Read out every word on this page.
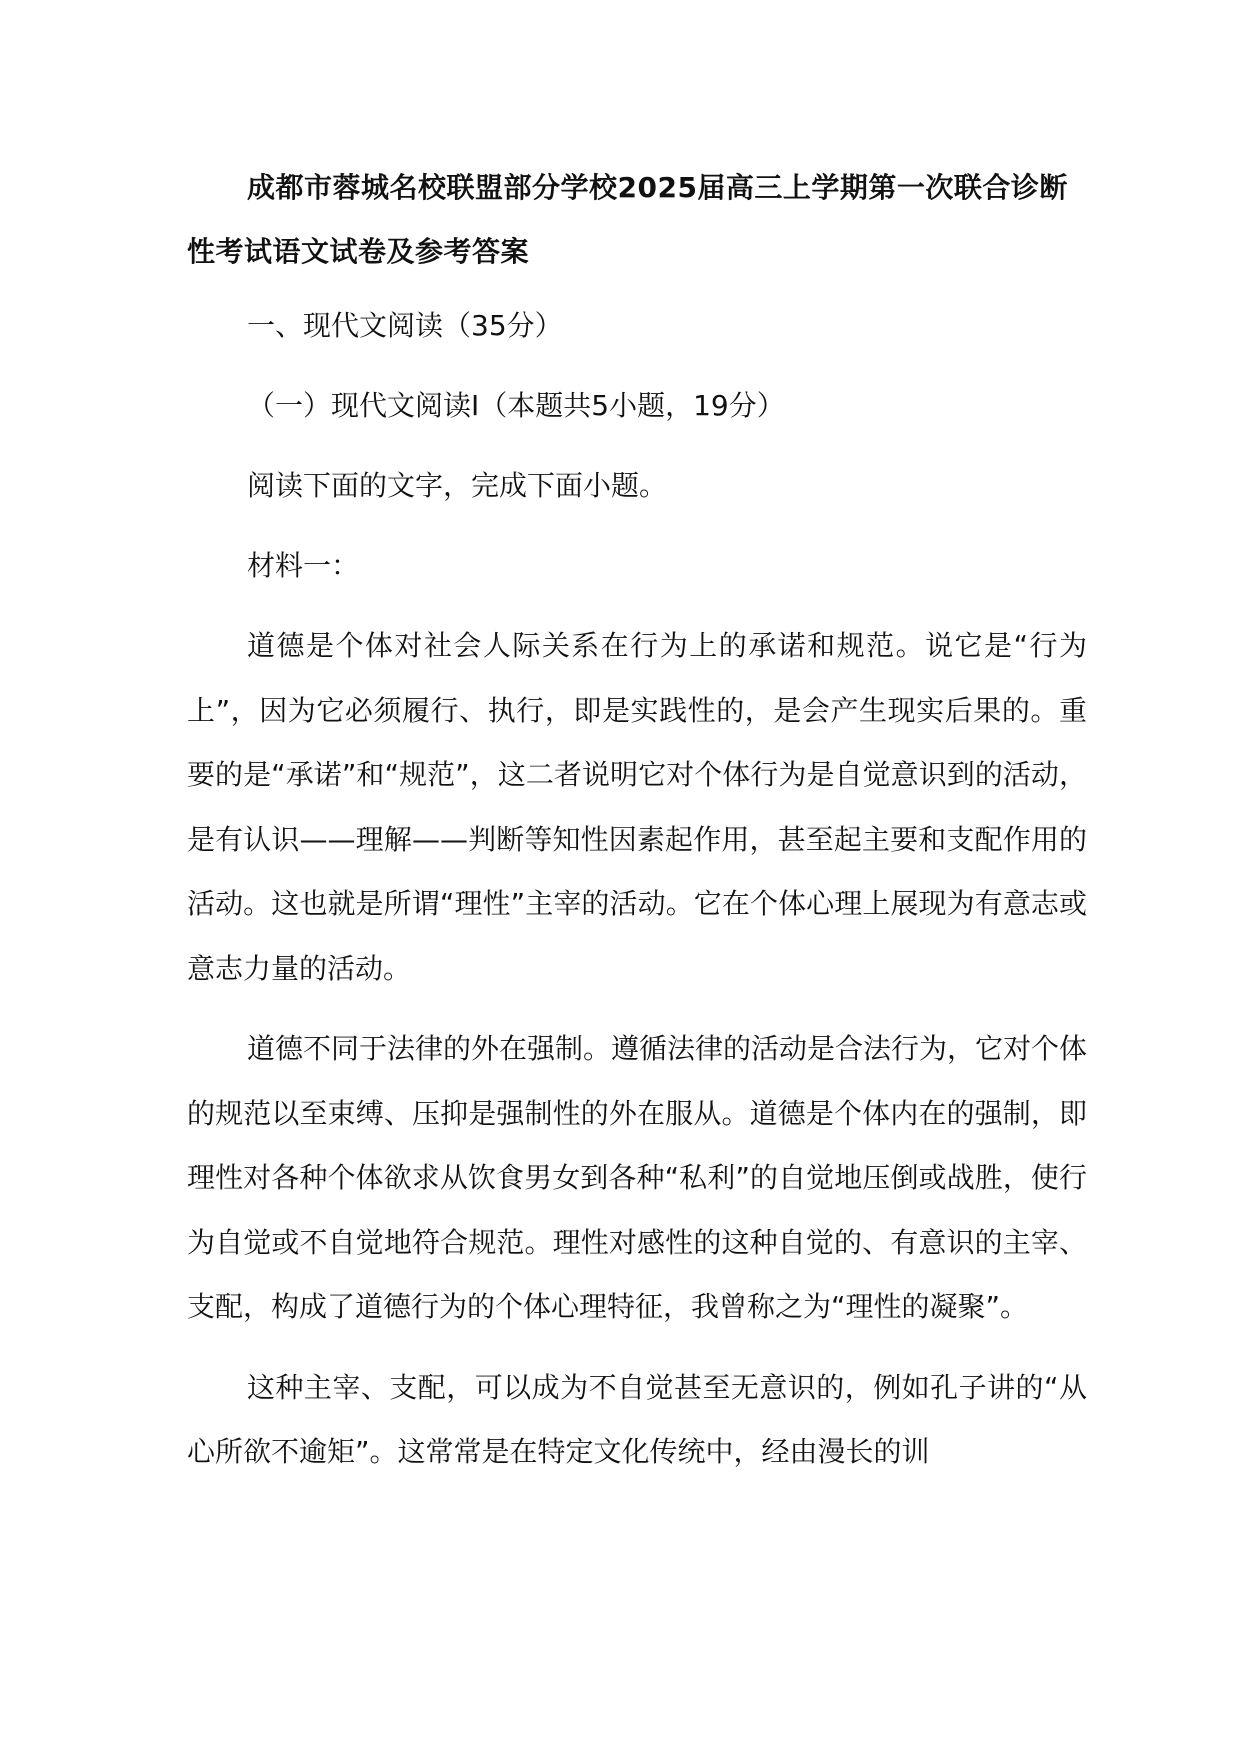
成都市蓉城名校联盟部分学校2025届高三上学期第一次联合诊断性考试语文试卷及参考答案

一、现代文阅读（35分）

（一）现代文阅读Ⅰ（本题共5小题，19分）

阅读下面的文字，完成下面小题。

材料一：

道德是个体对社会人际关系在行为上的承诺和规范。说它是“行为上”，因为它必须履行、执行，即是实践性的，是会产生现实后果的。重要的是“承诺”和“规范”，这二者说明它对个体行为是自觉意识到的活动，是有认识——理解——判断等知性因素起作用，甚至起主要和支配作用的活动。这也就是所谓“理性”主宰的活动。它在个体心理上展现为有意志或意志力量的活动。

道德不同于法律的外在强制。遵循法律的活动是合法行为，它对个体的规范以至束缚、压抑是强制性的外在服从。道德是个体内在的强制，即理性对各种个体欲求从饮食男女到各种“私利”的自觉地压倒或战胜，使行为自觉或不自觉地符合规范。理性对感性的这种自觉的、有意识的主宰、支配，构成了道德行为的个体心理特征，我曾称之为“理性的凝聚”。

这种主宰、支配，可以成为不自觉甚至无意识的，例如孔子讲的“从心所欲不逾矩”。这常常是在特定文化传统中，经由漫长的训
